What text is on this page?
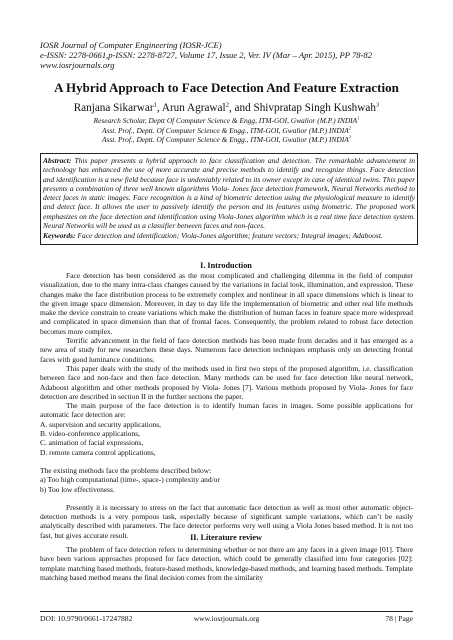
IOSR Journal of Computer Engineering (IOSR-JCE)
e-ISSN: 2278-0661,p-ISSN: 2278-8727, Volume 17, Issue 2, Ver. IV (Mar – Apr. 2015), PP 78-82
www.iosrjournals.org
A Hybrid Approach to Face Detection And Feature Extraction
Ranjana Sikarwar$^1$, Arun Agrawal$^2$, and Shivpratap Singh Kushwah$^3$
Research Scholar, Deptt Of Computer Science & Engg, ITM-GOI, Gwalior (M.P.) INDIA$^1$
Asst. Prof., Deptt. Of Computer Science & Engg., ITM-GOI, Gwalior (M.P.) INDIA$^2$
Asst. Prof., Deptt. Of Computer Science & Engg., ITM-GOI, Gwalior (M.P.) INDIA$^3$
Abstract: This paper presents a hybrid approach to face classification and detection. The remarkable advancement in technology has enhanced the use of more accurate and precise methods to identify and recognize things. Face detection and identification is a new field because face is undeniably related to its owner except in case of identical twins. This paper presents a combination of three well known algorithms Viola- Jones face detection framework, Neural Networks method to detect faces in static images. Face recognition is a kind of biometric detection using the physiological measure to identify and detect face. It allows the user to passively identify the person and its features using biometric. The proposed work emphasizes on the face detection and identification using Viola-Jones algorithm which is a real time face detection system. Neural Networks will be used as a classifier between faces and non-faces.
Keywords: Face detection and identification; Viola-Jones algorithm; feature vectors; Integral images; Adaboost.
I. Introduction

Face detection has been considered as the most complicated and challenging dilemma in the field of computer visualization, due to the many intra-class changes caused by the variations in facial look, illumination, and expression. These changes make the face distribution process to be extremely complex and nonlinear in all space dimensions which is linear to the given image space dimension. Moreover, in day to day life the implementation of biometric and other real life methods make the device constrain to create variations which make the distribution of human faces in feature space more widespread and complicated in space dimension than that of frontal faces. Consequently, the problem related to robust face detection becomes more complex.

Terrific advancement in the field of face detection methods has been made from decades and it has emerged as a new area of study for new researchers these days. Numerous face detection techniques emphasis only on detecting frontal faces with good luminance conditions.

This paper deals with the study of the methods used in first two steps of the proposed algorithm, i.e. classification between face and non-face and then face detection. Many methods can be used for face detection like neural network, Adaboost algorithm and other methods proposed by Viola- Jones [7]. Various methods proposed by Viola- Jones for face detection are described in section II in the further sections the paper.

The main purpose of the face detection is to identify human faces in images. Some possible applications for automatic face detection are:

A. supervision and security applications,
B. video-conference applications,
C. animation of facial expressions,
D. remote camera control applications,

The existing methods face the problems described below:

a) Too high computational (time-, space-) complexity and/or
b) Too low effectiveness.

Presently it is necessary to stress on the fact that automatic face detection as well as most other automatic object-detection methods is a very pompous task, especially because of significant sample variations, which can’t be easily analytically described with parameters. The face detector performs very well using a Viola Jones based method. It is not too fast, but gives accurate result.	II. Literature review

The problem of face detection refers to determining whether or not there are any faces in a given image [01]. There have been various approaches proposed for face detection, which could be generally classified into four categories [02]: template matching based methods, feature-based methods, knowledge-based methods, and learning based methods. Template matching based method means the final decision comes from the similarity

DOI: 10.9790/0661-17247882	www.iosrjournals.org	78 | Page
